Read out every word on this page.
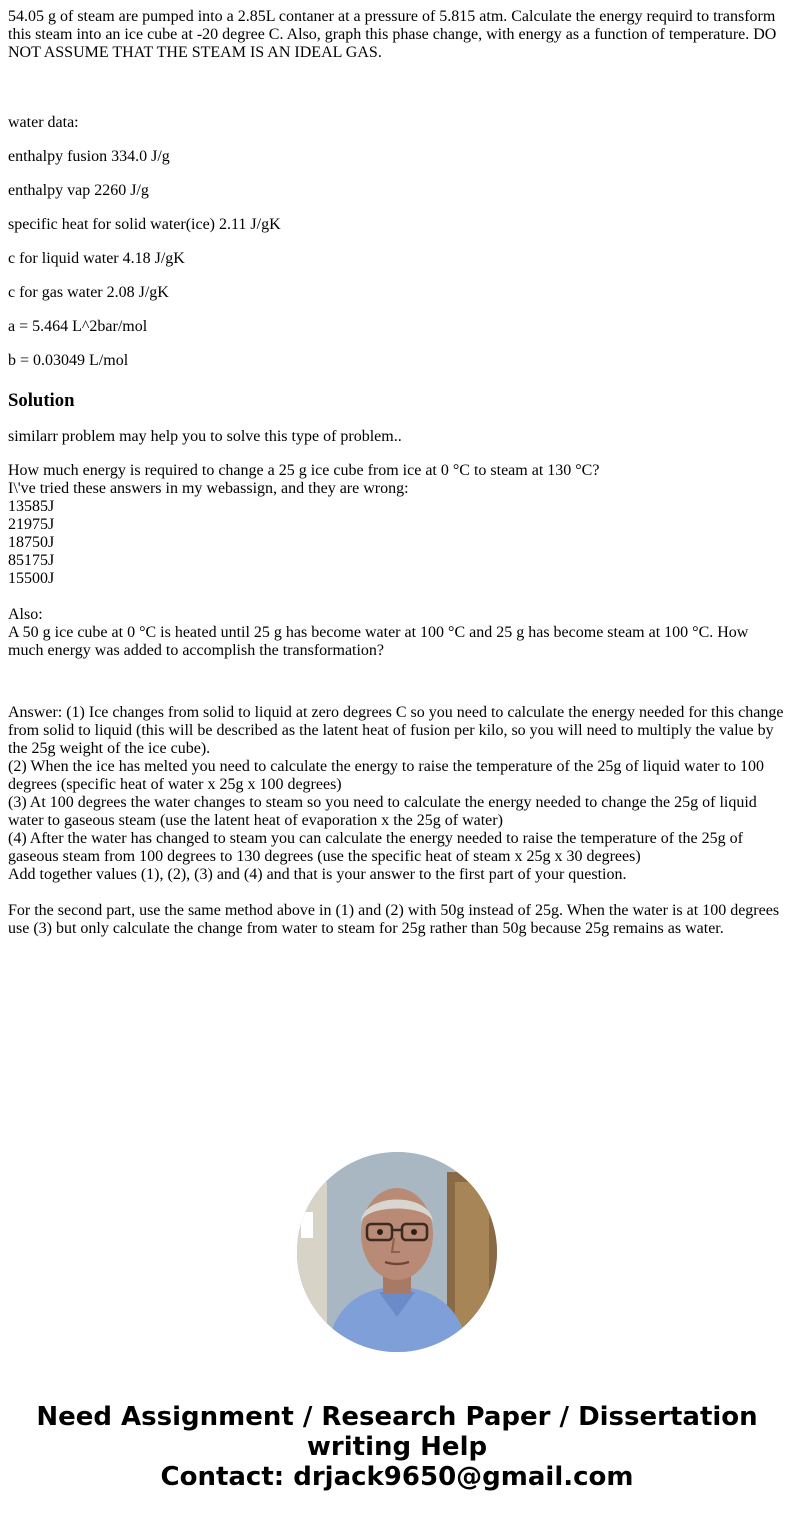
54.05 g of steam are pumped into a 2.85L contaner at a pressure of 5.815 atm. Calculate the energy requird to transform this steam into an ice cube at -20 degree C. Also, graph this phase change, with energy as a function of temperature. DO NOT ASSUME THAT THE STEAM IS AN IDEAL GAS.

water data:

enthalpy fusion 334.0 J/g

enthalpy vap 2260 J/g

specific heat for solid water(ice) 2.11 J/gK

c for liquid water 4.18 J/gK

c for gas water 2.08 J/gK

a = 5.464 L^2bar/mol

b = 0.03049 L/mol

Solution

similarr problem may help you to solve this type of problem..

How much energy is required to change a 25 g ice cube from ice at 0 °C to steam at 130 °C?
I\'ve tried these answers in my webassign, and they are wrong:
13585J
21975J
18750J
85175J
15500J
Also:
A 50 g ice cube at 0 °C is heated until 25 g has become water at 100 °C and 25 g has become steam at 100 °C. How much energy was added to accomplish the transformation?
Answer: (1) Ice changes from solid to liquid at zero degrees C so you need to calculate the energy needed for this change from solid to liquid (this will be described as the latent heat of fusion per kilo, so you will need to multiply the value by the 25g weight of the ice cube).
(2) When the ice has melted you need to calculate the energy to raise the temperature of the 25g of liquid water to 100 degrees (specific heat of water x 25g x 100 degrees)
(3) At 100 degrees the water changes to steam so you need to calculate the energy needed to change the 25g of liquid water to gaseous steam (use the latent heat of evaporation x the 25g of water)
(4) After the water has changed to steam you can calculate the energy needed to raise the temperature of the 25g of gaseous steam from 100 degrees to 130 degrees (use the specific heat of steam x 25g x 30 degrees)
Add together values (1), (2), (3) and (4) and that is your answer to the first part of your question.
For the second part, use the same method above in (1) and (2) with 50g instead of 25g. When the water is at 100 degrees use (3) but only calculate the change from water to steam for 25g rather than 50g because 25g remains as water.
Need Assignment / Research Paper / Dissertation
writing Help
Contact: drjack9650@gmail.com
